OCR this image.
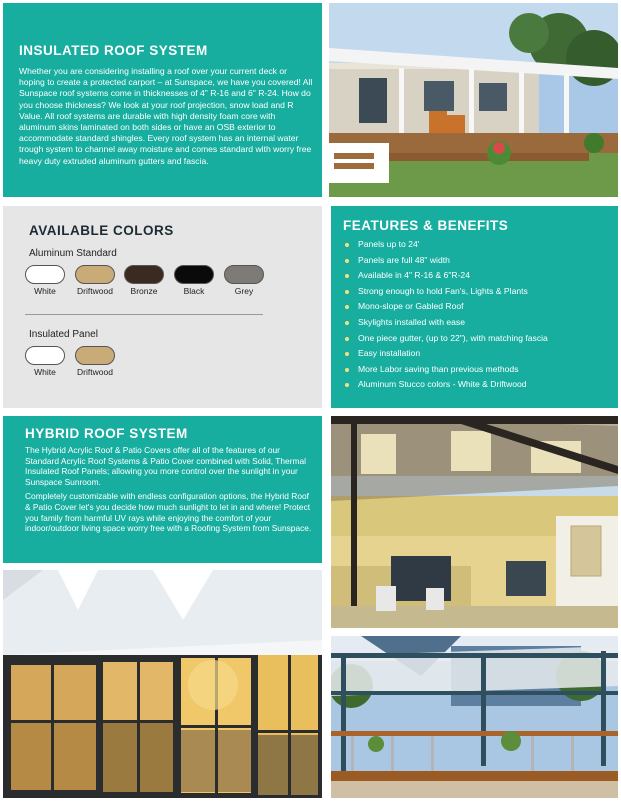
INSULATED ROOF SYSTEM
Whether you are considering installing a roof over your current deck or hoping to create a protected carport – at Sunspace, we have you covered! All Sunspace roof systems come in thicknesses of 4" R-16 and 6" R-24. How do you choose thickness? We look at your roof projection, snow load and R Value. All roof systems are durable with high density foam core with aluminum skins laminated on both sides or have an OSB exterior to accommodate standard shingles. Every roof system has an internal water trough system to channel away moisture and comes standard with worry free heavy duty extruded aluminum gutters and fascia.
AVAILABLE COLORS
Aluminum Standard
White	Driftwood	Bronze	Black	Grey
Insulated Panel
White	Driftwood
FEATURES & BENEFITS
Panels up to 24'
Panels are full 48" width
Available in 4" R-16 & 6"R-24
Strong enough to hold Fan's, Lights & Plants
Mono-slope or Gabled Roof
Skylights installed with ease
One piece gutter, (up to 22"), with matching fascia
Easy installation
More Labor saving than previous methods
Aluminum Stucco colors - White & Driftwood
HYBRID ROOF SYSTEM
The Hybrid Acrylic Roof & Patio Covers offer all of the features of our Standard Acrylic Roof Systems & Patio Cover combined with Solid, Thermal Insulated Roof Panels; allowing you more control over the sunlight in your Sunspace Sunroom.
Completely customizable with endless configuration options, the Hybrid Roof & Patio Cover let's you decide how much sunlight to let in and where! Protect you family from harmful UV rays while enjoying the comfort of your indoor/outdoor living space worry free with a Roofing System from Sunspace.
